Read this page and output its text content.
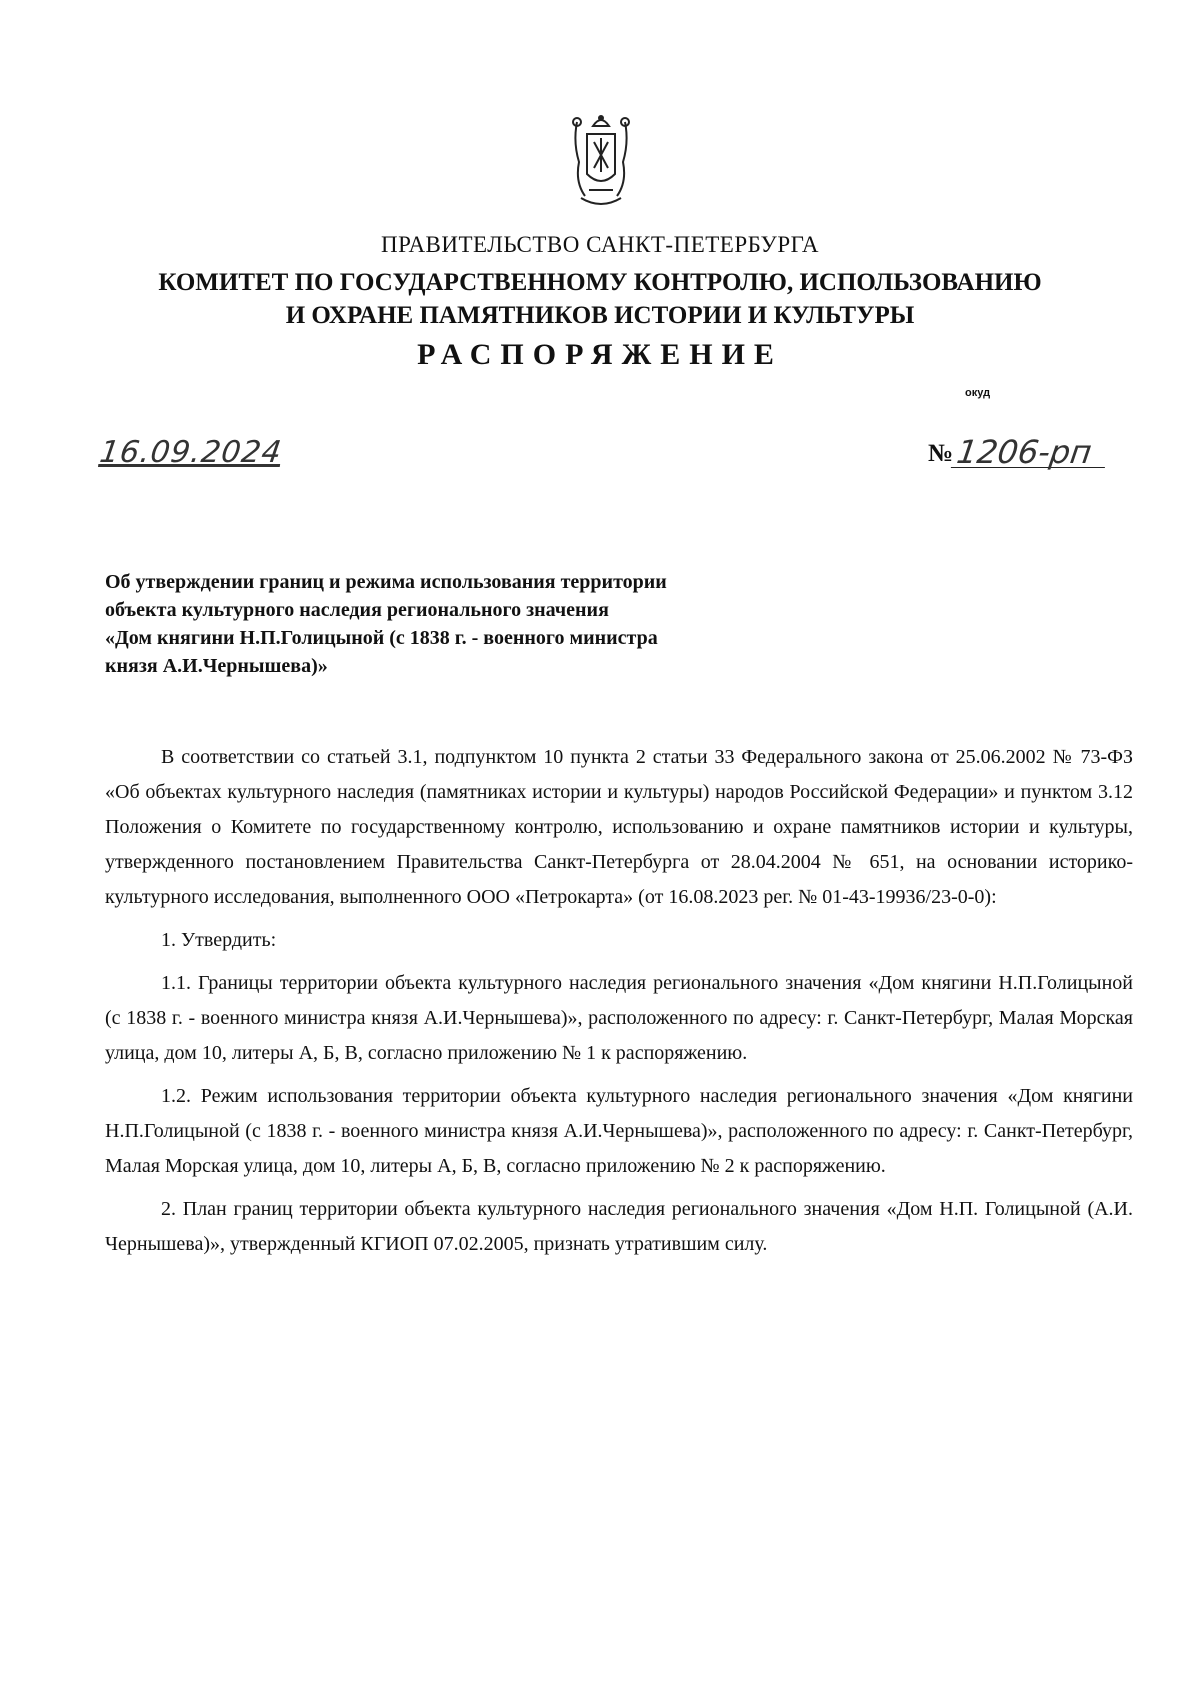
ПРАВИТЕЛЬСТВО САНКТ-ПЕТЕРБУРГА
КОМИТЕТ ПО ГОСУДАРСТВЕННОМУ КОНТРОЛЮ, ИСПОЛЬЗОВАНИЮ
И ОХРАНЕ ПАМЯТНИКОВ ИСТОРИИ И КУЛЬТУРЫ
РАСПОРЯЖЕНИЕ
окуд
16.09.2024	№1206-рп
Об утверждении границ и режима использования территории
объекта культурного наследия регионального значения
«Дом княгини Н.П.Голицыной (с 1838 г. - военного министра
князя А.И.Чернышева)»

В соответствии со статьей 3.1, подпунктом 10 пункта 2 статьи 33 Федерального закона от 25.06.2002 № 73-ФЗ «Об объектах культурного наследия (памятниках истории и культуры) народов Российской Федерации» и пунктом 3.12 Положения о Комитете по государственному контролю, использованию и охране памятников истории и культуры, утвержденного постановлением Правительства Санкт-Петербурга от 28.04.2004 № 651, на основании историко-культурного исследования, выполненного ООО «Петрокарта» (от 16.08.2023 рег. № 01-43-19936/23-0-0):

1. Утвердить:

1.1. Границы территории объекта культурного наследия регионального значения «Дом княгини Н.П.Голицыной (с 1838 г. - военного министра князя А.И.Чернышева)», расположенного по адресу: г. Санкт-Петербург, Малая Морская улица, дом 10, литеры А, Б, В, согласно приложению № 1 к распоряжению.

1.2. Режим использования территории объекта культурного наследия регионального значения «Дом княгини Н.П.Голицыной (с 1838 г. - военного министра князя А.И.Чернышева)», расположенного по адресу: г. Санкт-Петербург, Малая Морская улица, дом 10, литеры А, Б, В, согласно приложению № 2 к распоряжению.

2. План границ территории объекта культурного наследия регионального значения «Дом Н.П. Голицыной (А.И. Чернышева)», утвержденный КГИОП 07.02.2005, признать утратившим силу.
